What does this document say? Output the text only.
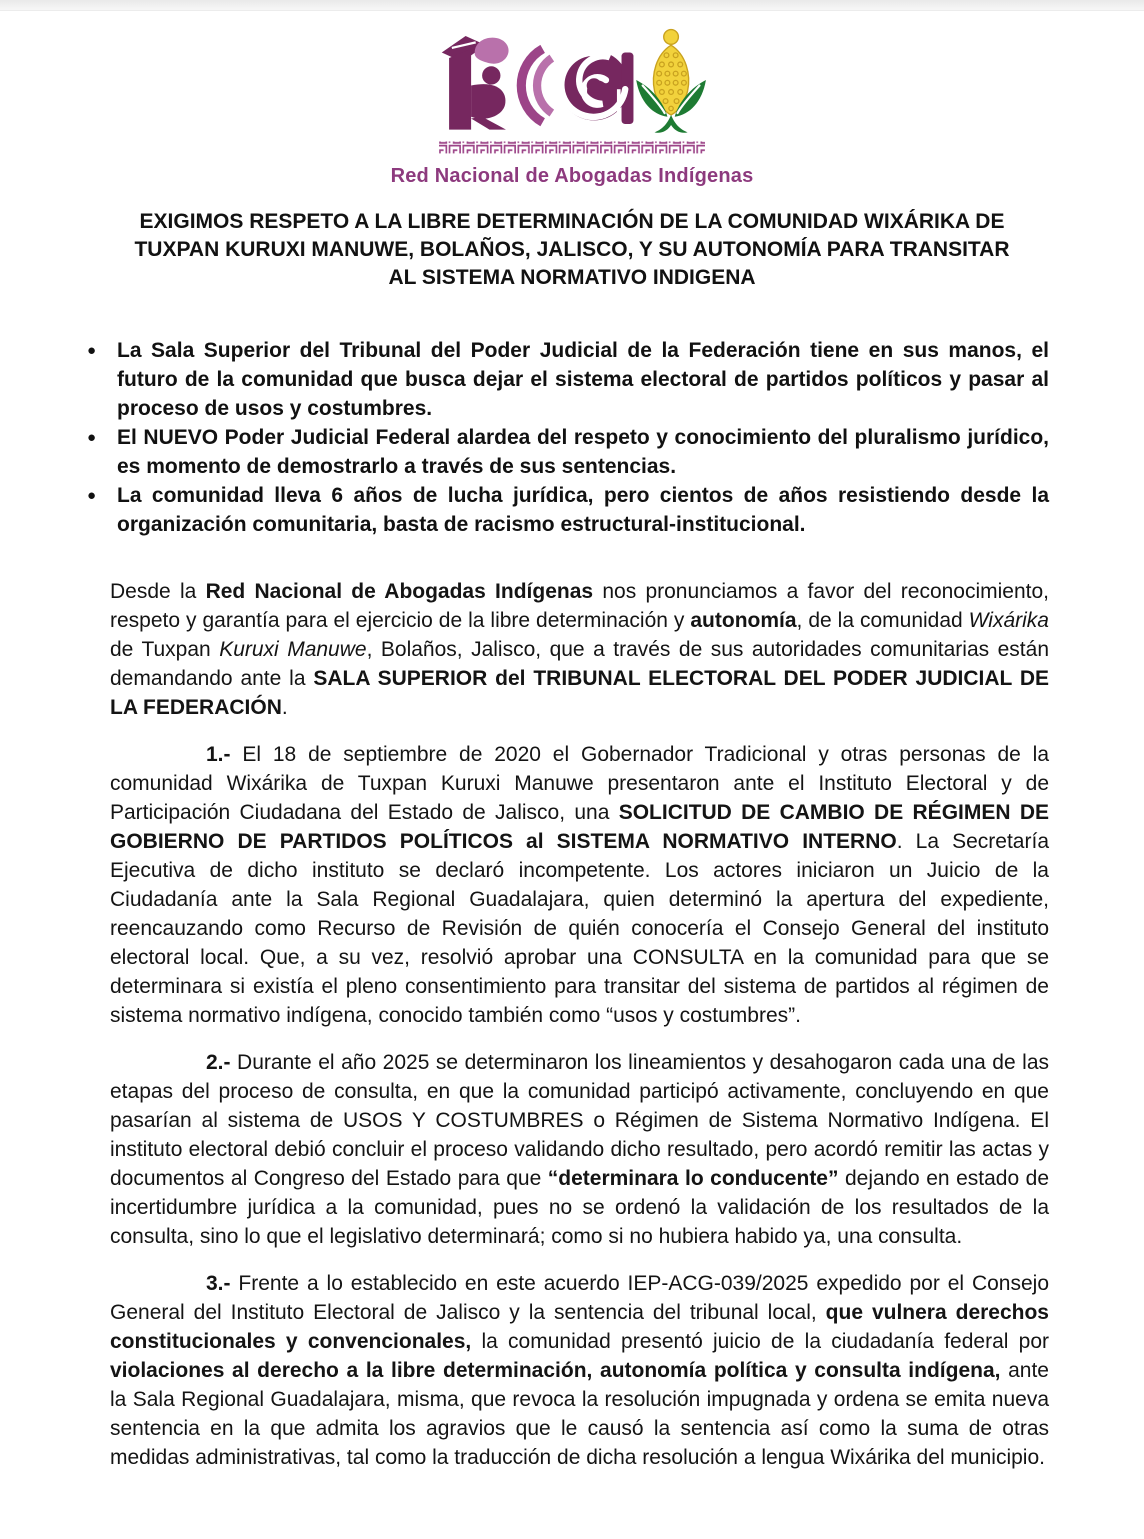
Red Nacional de Abogadas Indígenas
EXIGIMOS RESPETO A LA LIBRE DETERMINACIÓN DE LA COMUNIDAD WIXÁRIKA DE
TUXPAN KURUXI MANUWE, BOLAÑOS, JALISCO, Y SU AUTONOMÍA PARA TRANSITAR
AL SISTEMA NORMATIVO INDIGENA
● La Sala Superior del Tribunal del Poder Judicial de la Federación tiene en sus manos, el futuro de la comunidad que busca dejar el sistema electoral de partidos políticos y pasar al proceso de usos y costumbres.
● El NUEVO Poder Judicial Federal alardea del respeto y conocimiento del pluralismo jurídico, es momento de demostrarlo a través de sus sentencias.
● La comunidad lleva 6 años de lucha jurídica, pero cientos de años resistiendo desde la organización comunitaria, basta de racismo estructural-institucional.

Desde la Red Nacional de Abogadas Indígenas nos pronunciamos a favor del reconocimiento, respeto y garantía para el ejercicio de la libre determinación y autonomía, de la comunidad Wixárika de Tuxpan Kuruxi Manuwe, Bolaños, Jalisco, que a través de sus autoridades comunitarias están demandando ante la SALA SUPERIOR del TRIBUNAL ELECTORAL DEL PODER JUDICIAL DE LA FEDERACIÓN.

1.- El 18 de septiembre de 2020 el Gobernador Tradicional y otras personas de la comunidad Wixárika de Tuxpan Kuruxi Manuwe presentaron ante el Instituto Electoral y de Participación Ciudadana del Estado de Jalisco, una SOLICITUD DE CAMBIO DE RÉGIMEN DE GOBIERNO DE PARTIDOS POLÍTICOS al SISTEMA NORMATIVO INTERNO. La Secretaría Ejecutiva de dicho instituto se declaró incompetente. Los actores iniciaron un Juicio de la Ciudadanía ante la Sala Regional Guadalajara, quien determinó la apertura del expediente, reencauzando como Recurso de Revisión de quién conocería el Consejo General del instituto electoral local. Que, a su vez, resolvió aprobar una CONSULTA en la comunidad para que se determinara si existía el pleno consentimiento para transitar del sistema de partidos al régimen de sistema normativo indígena, conocido también como “usos y costumbres”.

2.- Durante el año 2025 se determinaron los lineamientos y desahogaron cada una de las etapas del proceso de consulta, en que la comunidad participó activamente, concluyendo en que pasarían al sistema de USOS Y COSTUMBRES o Régimen de Sistema Normativo Indígena. El instituto electoral debió concluir el proceso validando dicho resultado, pero acordó remitir las actas y documentos al Congreso del Estado para que “determinara lo conducente” dejando en estado de incertidumbre jurídica a la comunidad, pues no se ordenó la validación de los resultados de la consulta, sino lo que el legislativo determinará; como si no hubiera habido ya, una consulta.

3.- Frente a lo establecido en este acuerdo IEP-ACG-039/2025 expedido por el Consejo General del Instituto Electoral de Jalisco y la sentencia del tribunal local, que vulnera derechos constitucionales y convencionales, la comunidad presentó juicio de la ciudadanía federal por violaciones al derecho a la libre determinación, autonomía política y consulta indígena, ante la Sala Regional Guadalajara, misma, que revoca la resolución impugnada y ordena se emita nueva sentencia en la que admita los agravios que le causó la sentencia así como la suma de otras medidas administrativas, tal como la traducción de dicha resolución a lengua Wixárika del municipio.
